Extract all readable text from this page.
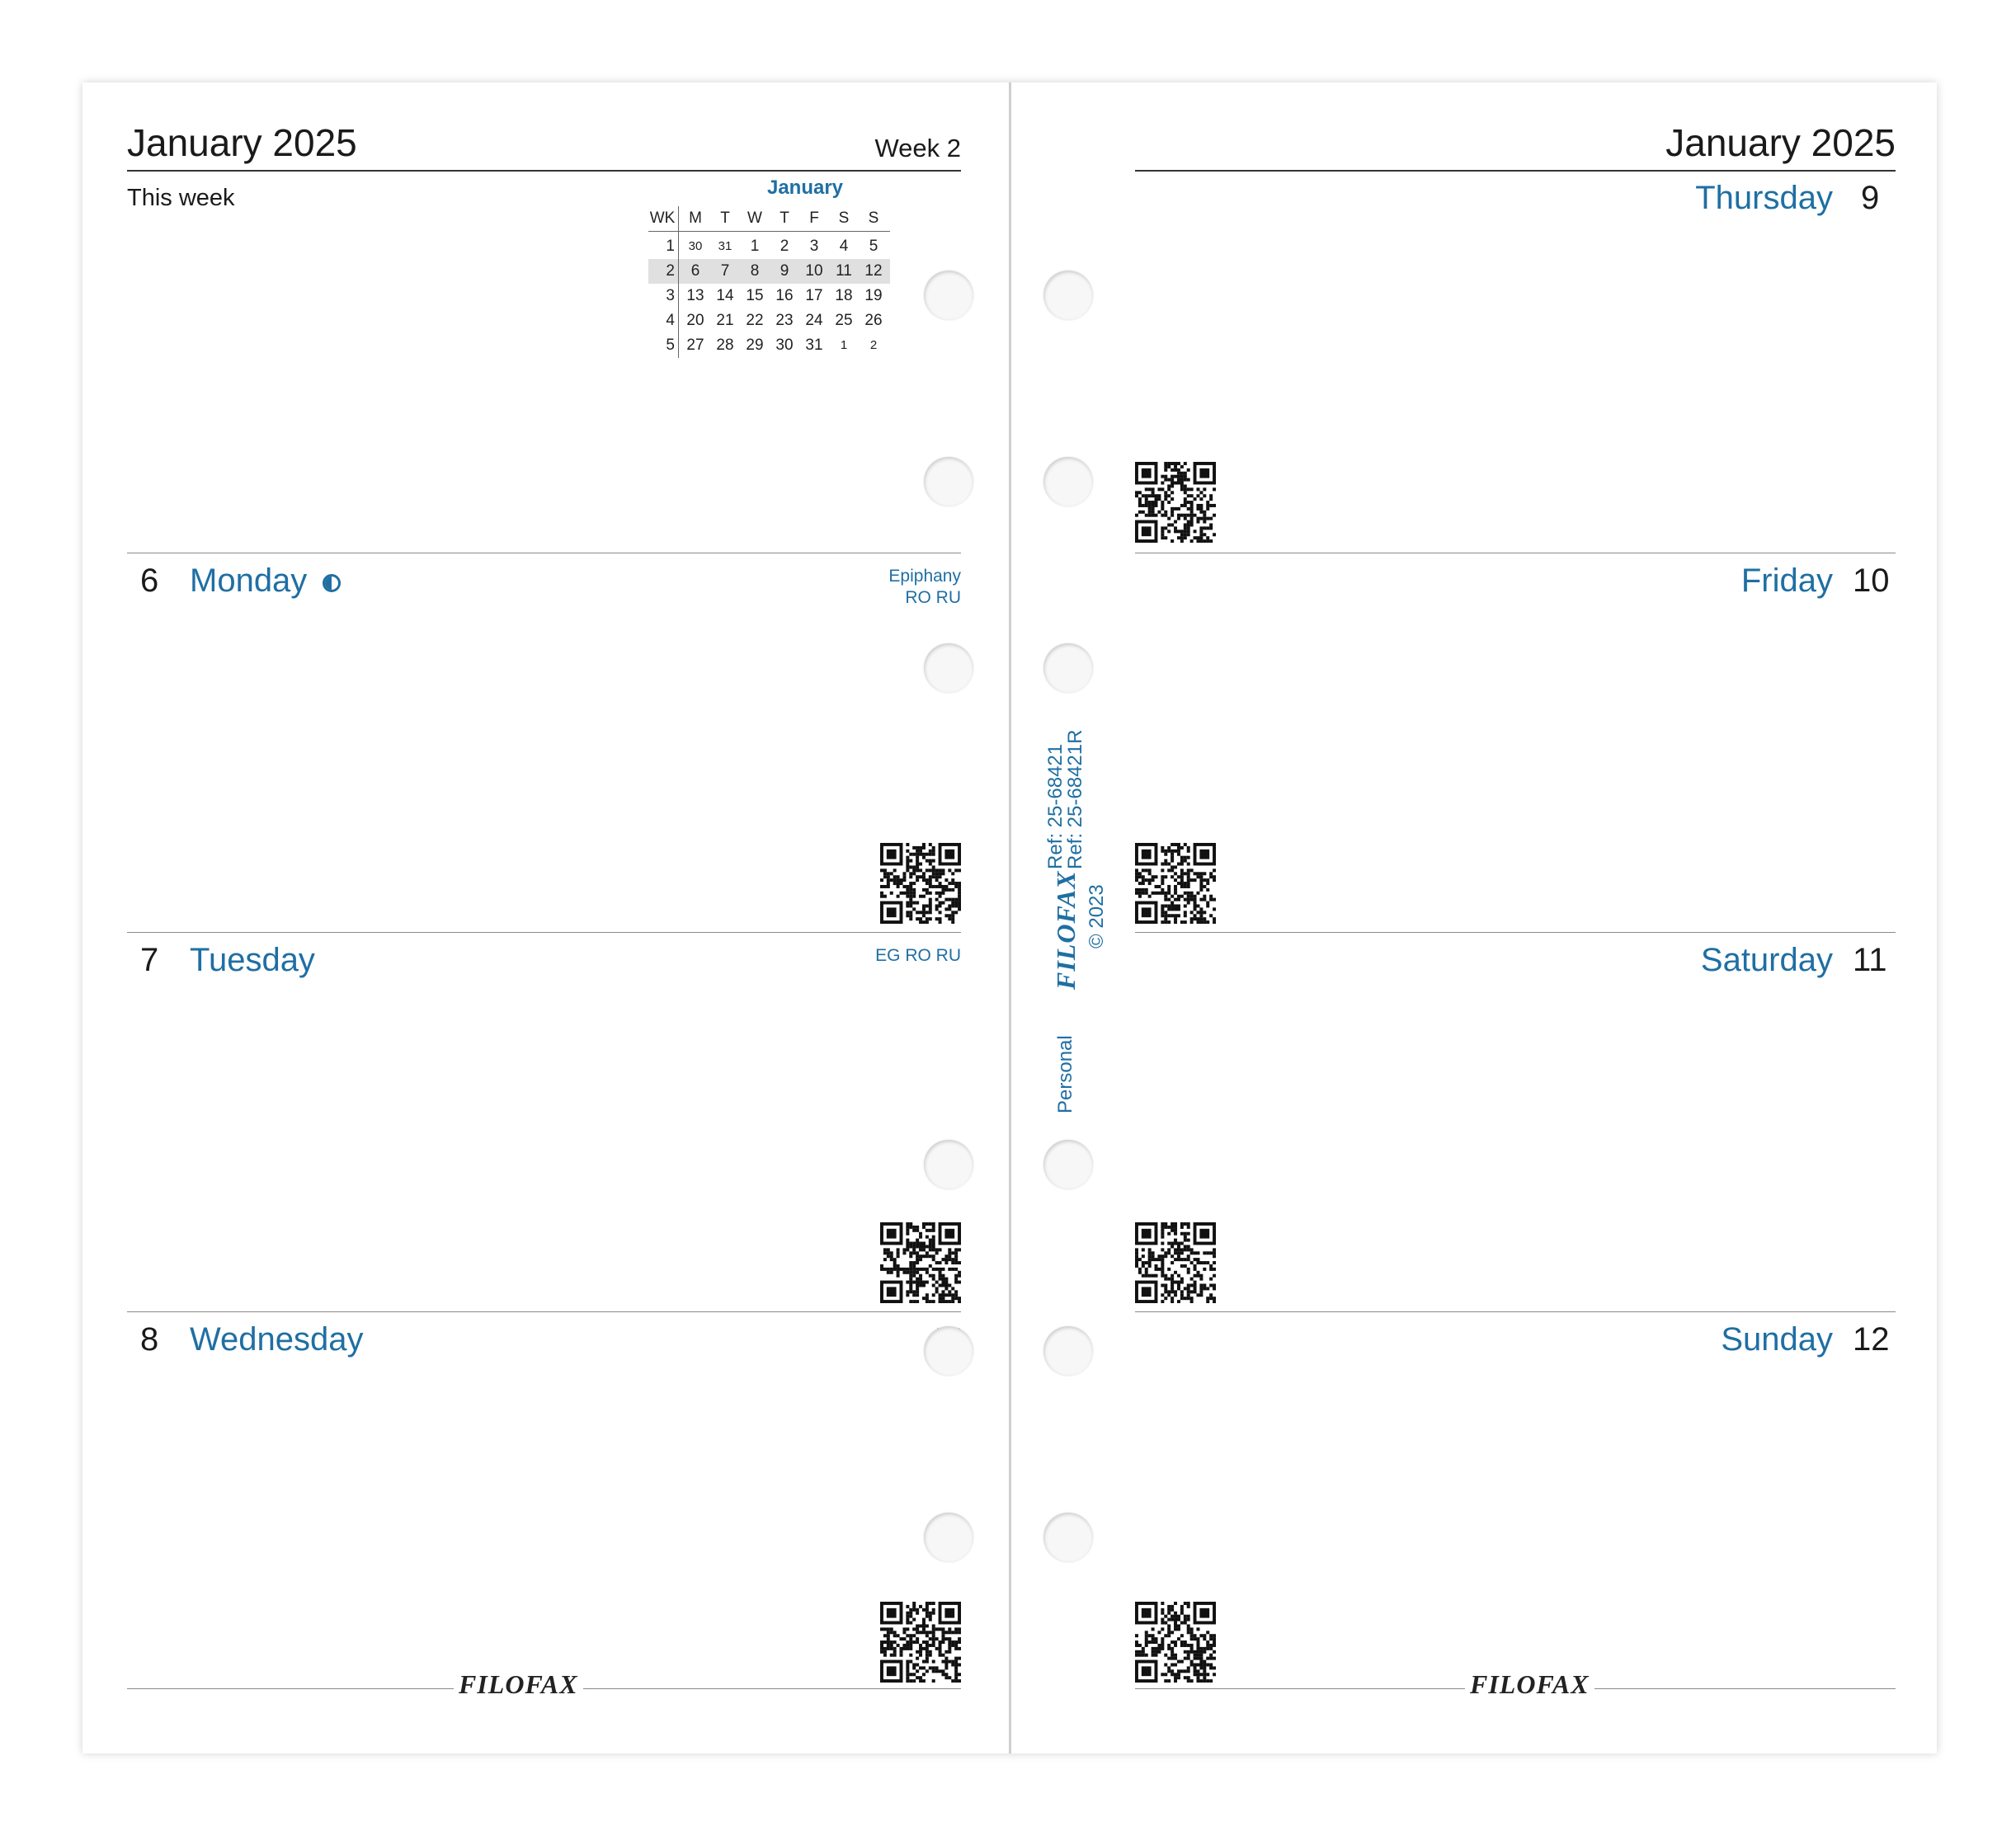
January 2025	Week 2
This week	January
WK M	T	W	T	F	S	S
1	30	31	1	2	3	4	5
2	6	7	8	9	10 11 12
3 13 14 15 16 17 18 19
4 20 21 22 23 24 25 26
5 27 28 29 30 31	1	2
6 Monday	Epiphany
RO RU
7 Tuesday	EG RO RU
8 Wednesday
FILOFAX
January 2025
Thursday 9
Friday 10
Saturday 11
Sunday 12
FILOFAX
Personal
FILOFAX
Ref: 25-68421
Ref: 25-68421R
© 2023
